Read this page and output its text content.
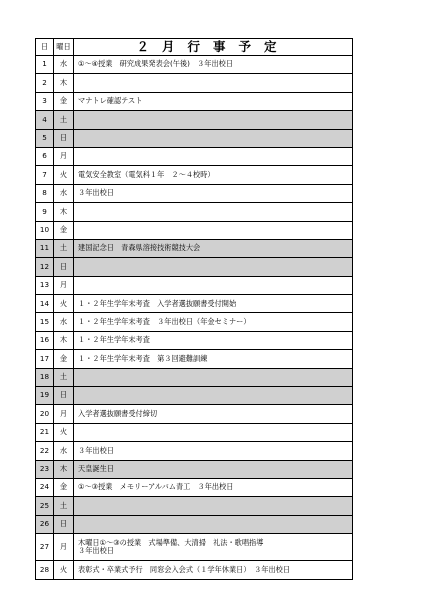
日	曜日	２月行事予定
1	水	①～④授業　研究成果発表会(午後)　３年出校日
2	木	
3	金	マナトレ確認テスト
4	土	
5	日	
6	月	
7	火	電気安全教室（電気科１年　２～４校時）
8	水	３年出校日
9	木	
10	金	
11	土	建国記念日　青森県溶接技術競技大会
12	日	
13	月	
14	火	１・２年生学年末考査　入学者選抜願書受付開始
15	水	１・２年生学年末考査　３年出校日（年金セミナー）
16	木	１・２年生学年末考査
17	金	１・２年生学年末考査　第３回避難訓練
18	土	
19	日	
20	月	入学者選抜願書受付締切
21	火	
22	水	３年出校日
23	木	天皇誕生日
24	金	①～③授業　メモリーアルバム青工　３年出校日
25	土	
26	日	
27	月	木曜日①～③の授業　式場準備、大清掃　礼法・歌唱指導
３年出校日
28	火	表彰式・卒業式予行　同窓会入会式（１学年休業日）　３年出校日
